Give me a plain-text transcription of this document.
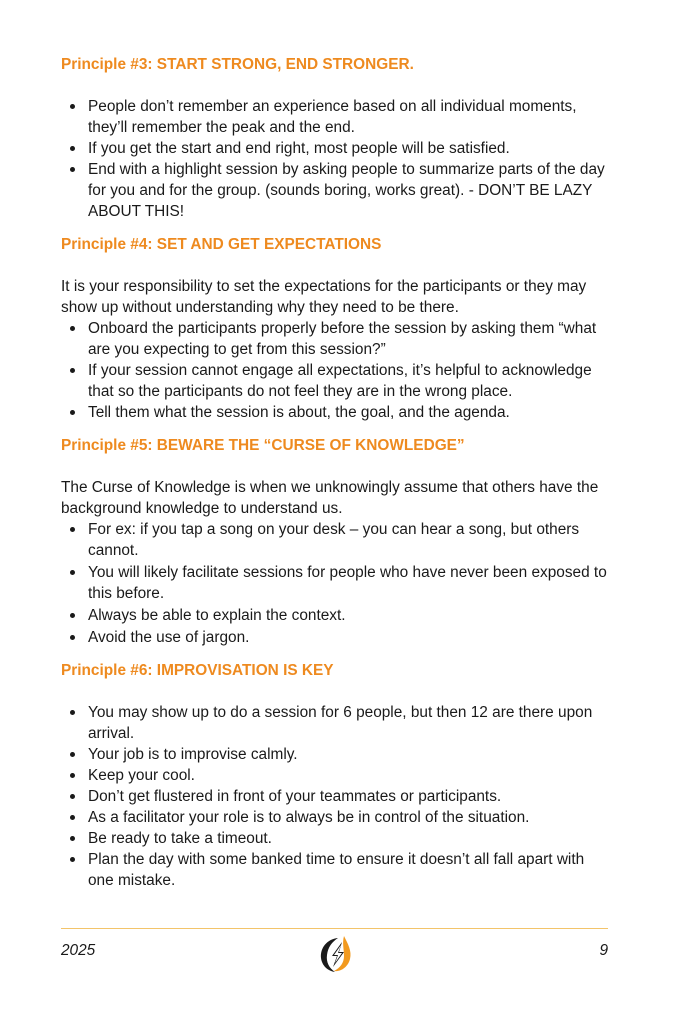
Principle #3: START STRONG, END STRONGER.
People don’t remember an experience based on all individual moments, they’ll remember the peak and the end.
If you get the start and end right, most people will be satisfied.
End with a highlight session by asking people to summarize parts of the day for you and for the group. (sounds boring, works great). - DON’T BE LAZY ABOUT THIS!
Principle #4: SET AND GET EXPECTATIONS

It is your responsibility to set the expectations for the participants or they may show up without understanding why they need to be there.

Onboard the participants properly before the session by asking them “what are you expecting to get from this session?”
If your session cannot engage all expectations, it’s helpful to acknowledge that so the participants do not feel they are in the wrong place.
Tell them what the session is about, the goal, and the agenda.
Principle #5: BEWARE THE “CURSE OF KNOWLEDGE”

The Curse of Knowledge is when we unknowingly assume that others have the background knowledge to understand us.

For ex: if you tap a song on your desk – you can hear a song, but others cannot.
You will likely facilitate sessions for people who have never been exposed to this before.
Always be able to explain the context.
Avoid the use of jargon.
Principle #6: IMPROVISATION IS KEY
You may show up to do a session for 6 people, but then 12 are there upon arrival.
Your job is to improvise calmly.
Keep your cool.
Don’t get flustered in front of your teammates or participants.
As a facilitator your role is to always be in control of the situation.
Be ready to take a timeout.
Plan the day with some banked time to ensure it doesn’t all fall apart with one mistake.
2025	9
